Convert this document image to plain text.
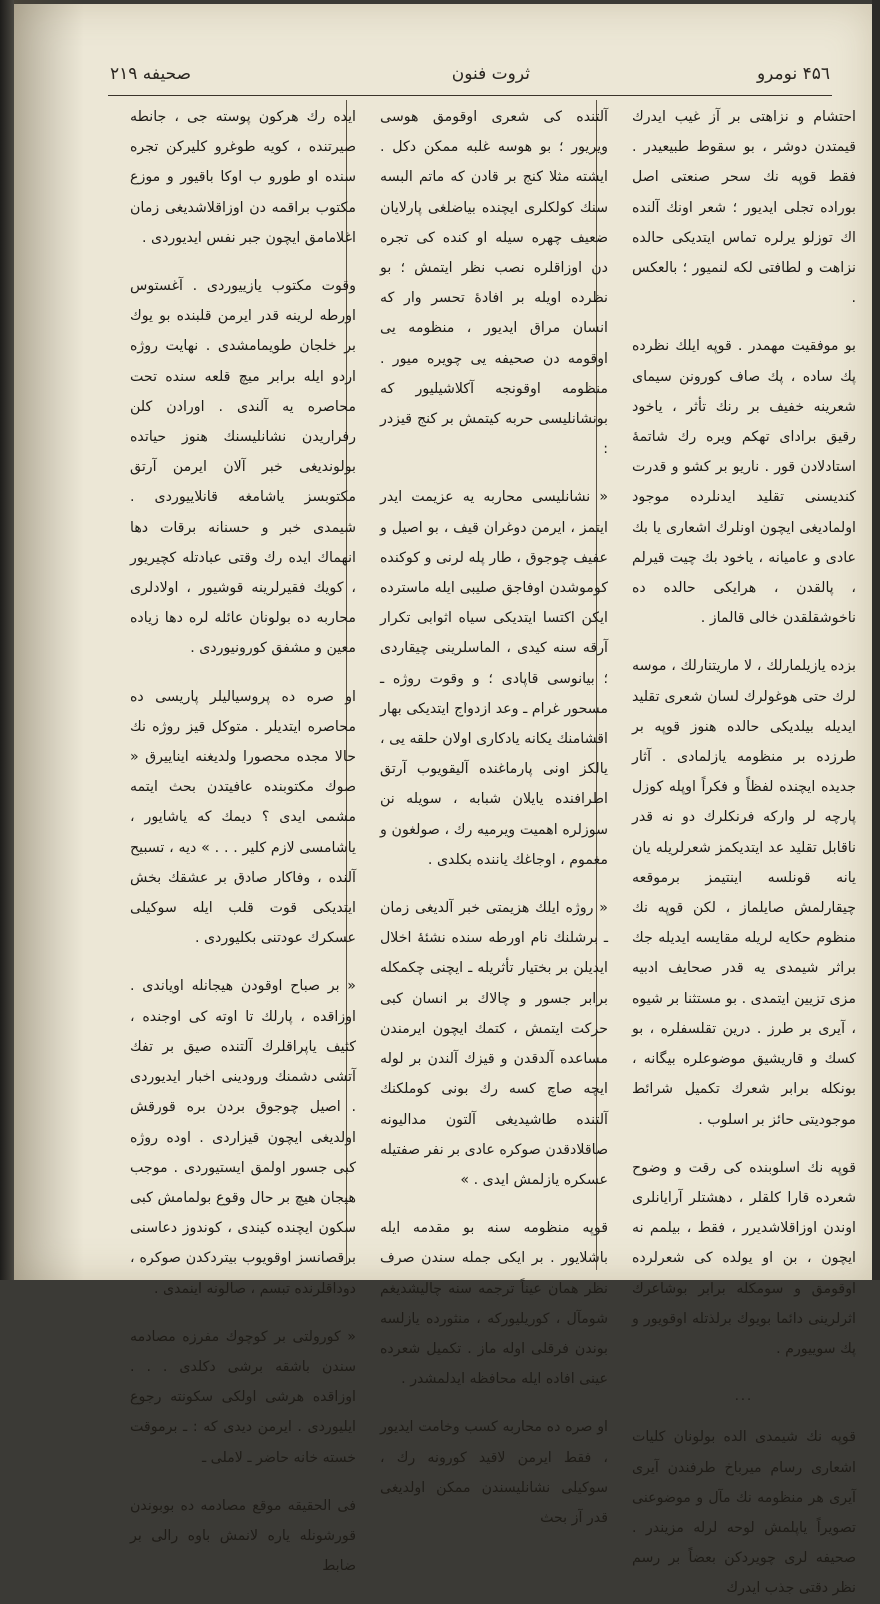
۴۵٦ نومرو
ثروت فنون
صحیفه ۲۱۹

احتشام و نزاهتی بر آز غیب ایدرك قیمتدن دوشر ، بو سقوط طبیعیدر . فقط قوپه نك سحر صنعتی اصل بوراده تجلی ایدیور ؛ شعر اونك آلنده اك توزلو یرلره تماس ایتدیکی حالده نزاهت و لطافتی لکه لنمیور ؛ بالعکس .

بو موفقیت مهمدر . قوپه ایلك نظرده پك ساده ، پك صاف کورونن سیمای شعرینه خفیف بر رنك تأثر ، یاخود رقیق برادای تهکم ویره رك شاتمهٔ استادلادن قور . ناریو بر کشو و قدرت کندیسنی تقلید ایدنلرده موجود اولمادیغی ایچون اونلرك اشعاری یا بك عادی و عامیانه ، یاخود بك چیت قیرلم ، پالقدن ، هرایکی حالده ده ناخوشقلقدن خالی قالماز .

بزده یازیلمارلك ، لا ماریتنارلك ، موسه لرك حتی هوغولرك لسان شعری تقلید ایدیله بیلدیکی حالده هنوز قوپه بر طرزده بر منظومه یازلمادی . آثار جدیده ایچنده لفظاً و فکراً اوپله کوزل پارچه لر وارکه فرنکلرك دو نه قدر ناقابل تقلید عد ایتدیکمز شعرلریله یان یانه قونلسه اینتیمز برموقعه چیقارلمش صایلماز ، لکن قوپه نك منظوم حکایه لریله مقایسه ایدیله جك براثر شیمدی یه قدر صحایف ادبیه مزی تزیین ایتمدی . بو مستثنا بر شیوه ، آیری بر طرز . درین تقلسفلره ، بو کسك و قاریشیق موضوعلره بیگانه ، بونکله برابر شعرك تکمیل شرائط موجودیتی حائز بر اسلوب .

قوپه نك اسلوبنده کی رقت و وضوح شعرده قارا کلقلر ، دهشتلر آرایانلری اوندن اوزاقلاشدیرر ، فقط ، بیلمم نه ایچون ، بن او یولده کی شعرلرده اوقومق و سومکله برابر بوشاعرك اثرلرینی دائما بویوك برلذتله اوقویور و پك سوییورم .

...

قوپه نك شیمدی الده بولونان کلیات اشعاری رسام میرباخ طرفندن آیری آیری هر منظومه نك مآل و موضوعنی تصویراً یاپلمش لوحه لرله مزیندر . صحیفه لری چویردکن بعضاً بر رسم نظر دقتی جذب ایدرك

آلتنده کی شعری اوقومق هوسی ویریور ؛ بو هوسه غلبه ممکن دکل . ایشته مثلا کنج بر قادن که ماتم البسه سنك کولکلری ایچنده بیاضلغی پارلایان ضعیف چهره سیله او کنده کی تجره دن اوزاقلره نصب نظر ایتمش ؛ بو نظرده اویله بر افادهٔ تحسر وار که انسان مراق ایدیور ، منظومه یی اوقومه دن صحیفه یی چویره میور . منظومه اوقونجه آکلاشیلیور که بونشانلیسی حربه کیتمش بر کنج قیزدر :

« نشانلیسی محاربه یه عزیمت ایدر ایتمز ، ایرمن دوغران قیف ، بو اصیل و عفیف چوجوق ، طار پله لرنی و کوکنده کوموشدن اوفاجق صلیبی ایله ماسترده ایکن اکتسا ایتدیکی سیاه اثوابی تکرار آرقه سنه کیدی ، الماسلرینی چیقاردی ؛ بیانوسی قاپادی ؛ و وقوت روژه ـ مسحور غرام ـ وعد ازدواج ایتدیکی بهار اقشامنك یکانه یادکاری اولان حلقه یی ، یالکز اونی پارماغنده آلیقویوب آرتق اطرافنده یایلان شبابه ، سویله نن سوزلره اهمیت ویرمیه رك ، صولغون و مغموم ، اوجاغك یاننده بکلدی .

« روژه ایلك هزیمتی خبر آلدیغی زمان ـ برشلنك نام اورطه سنده نشئهٔ اخلال ایدیلن بر بختیار تأثریله ـ ایچنی چکمکله برابر جسور و چالاك بر انسان کبی حرکت ایتمش ، کتمك ایچون ایرمندن مساعده آلدقدن و قیزك آلندن بر لوله ایچه صاچ کسه رك بونی کوملکنك آلتنده طاشیدیغی آلتون مدالیونه صاقلادقدن صوکره عادی بر نفر صفتیله عسکره یازلمش ایدی . »

قوپه منظومه سنه بو مقدمه ایله باشلایور . بر ایکی جمله سندن صرف نظر همان عیناً ترجمه سنه چالیشدیغم شومآل ، کوریلیورکه ، منثورده یازلسه بوندن فرقلی اوله ماز . تکمیل شعرده عینی افاده ایله محافظه ایدلمشدر .

او صره ده محاربه کسب وخامت ایدیور ، فقط ایرمن لاقید کورونه رك ، سوکیلی نشانلیسندن ممکن اولدیغی قدر آز بحث

ایده رك هرکون پوسته جی ، جانطه صیرتنده ، کویه طوغرو کلیرکن تجره سنده او طورو ب اوکا باقیور و موزع مکتوب براقمه دن اوزاقلاشدیغی زمان اغلامامق ایچون جبر نفس ایدیوردی .

وقوت مکتوب یازییوردی . آغستوس اورطه لرینه قدر ایرمن قلبنده بو یوك بر خلجان طویمامشدی . نهایت روژه اردو ایله برابر میچ قلعه سنده تحت محاصره یه آلندی . اورادن کلن رفراریدن نشانلیسنك هنوز حیاتده بولوندیغی خبر آلان ایرمن آرتق مکتوبسز یاشامغه قانلاییوردی . شیمدی خبر و حسنانه برقات دها انهماك ایده رك وقتی عبادتله کچیریور ، کویك فقیرلرینه قوشیور ، اولادلری محاربه ده بولونان عائله لره دها زیاده معین و مشفق کورونیوردی .

او صره ده پروسیالیلر پاریسی ده محاصره ایتدیلر . متوکل قیز روژه نك حالا مجده محصورا ولدیغنه ایناییرق « صوك مکتوبنده عافیتدن بحث ایتمه مشمی ایدی ؟ دیمك که یاشایور ، یاشامسی لازم کلیر . . . » دیه ، تسبیح آلنده ، وفاکار صادق بر عشقك بخش ایتدیکی قوت قلب ایله سوکیلی عسکرك عودتنی بکلیوردی .

« بر صباح اوقودن هیجانله اویاندی . اوزاقده ، پارلك تا اوته کی اوجنده ، کثیف یاپراقلرك آلتنده صیق بر تفك آتشی دشمنك ورودینی اخبار ایدیوردی . اصیل چوجوق بردن بره قورقش اولدیغی ایچون قیزاردی . اوده روژه کبی جسور اولمق ایستیوردی . موجب هیجان هیچ بر حال وقوع بولمامش کبی سکون ایچنده کیندی ، کوندوز دعاسنی برقصانسز اوقویوب بیتردکدن صوکره ، دوداقلرنده تبسم ، صالونه اینمدی .

« کورولتی بر کوچوك مفرزه مصادمه سندن باشقه برشی دکلدی . . . اوزاقده هرشی اولکی سکونته رجوع ایلیوردی . ایرمن دیدی که : ـ برموقت خسته خانه حاضر ـ لاملی ـ

فی الحقیقه موقع مصادمه ده بوبوندن قورشونله یاره لانمش باوه رالی بر ضابط
